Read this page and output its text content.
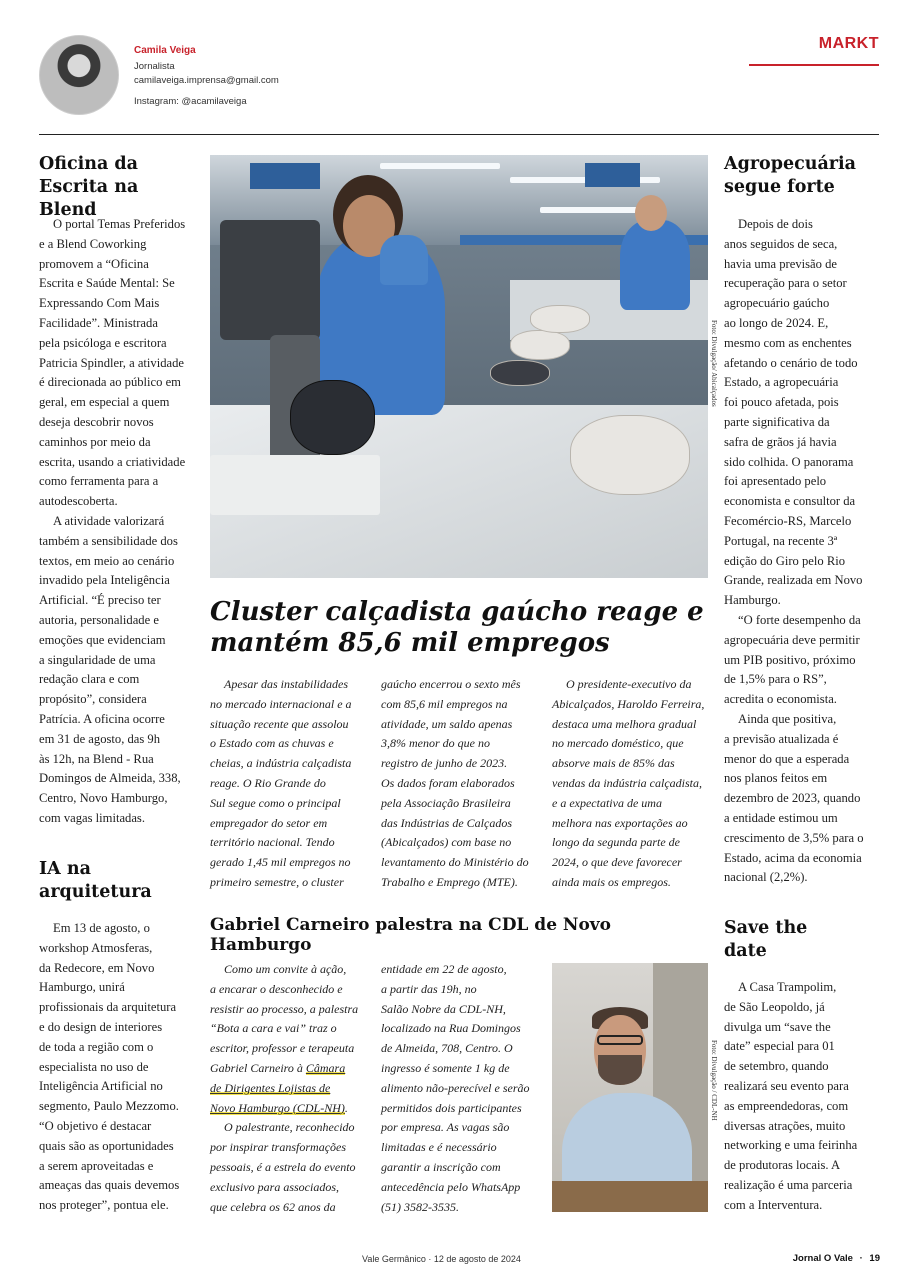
Camila Veiga
Jornalista
camilaveiga.imprensa@gmail.com
Instagram: @acamilaveiga
MARKT
Oficina da
Escrita na Blend
O portal Temas Preferidos
e a Blend Coworking
promovem a “Oficina
Escrita e Saúde Mental: Se
Expressando Com Mais
Facilidade”. Ministrada
pela psicóloga e escritora
Patricia Spindler, a atividade
é direcionada ao público em
geral, em especial a quem
deseja descobrir novos
caminhos por meio da
escrita, usando a criatividade
como ferramenta para a
autodescoberta.
A atividade valorizará
também a sensibilidade dos
textos, em meio ao cenário
invadido pela Inteligência
Artificial. “É preciso ter
autoria, personalidade e
emoções que evidenciam
a singularidade de uma
redação clara e com
propósito”, considera
Patrícia. A oficina ocorre
em 31 de agosto, das 9h
às 12h, na Blend - Rua
Domingos de Almeida, 338,
Centro, Novo Hamburgo,
com vagas limitadas.
IA na
arquitetura
Em 13 de agosto, o
workshop Atmosferas,
da Redecore, em Novo
Hamburgo, unirá
profissionais da arquitetura
e do design de interiores
de toda a região com o
especialista no uso de
Inteligência Artificial no
segmento, Paulo Mezzomo.
“O objetivo é destacar
quais são as oportunidades
a serem aproveitadas e
ameaças das quais devemos
nos proteger”, pontua ele.
Foto: Divulgação/ Abicalçados
Cluster calçadista gaúcho reage e
mantém 85,6 mil empregos
Apesar das instabilidades
no mercado internacional e a
situação recente que assolou
o Estado com as chuvas e
cheias, a indústria calçadista
reage. O Rio Grande do
Sul segue como o principal
empregador do setor em
território nacional. Tendo
gerado 1,45 mil empregos no
primeiro semestre, o cluster
gaúcho encerrou o sexto mês
com 85,6 mil empregos na
atividade, um saldo apenas
3,8% menor do que no
registro de junho de 2023.
Os dados foram elaborados
pela Associação Brasileira
das Indústrias de Calçados
(Abicalçados) com base no
levantamento do Ministério do
Trabalho e Emprego (MTE).
O presidente-executivo da
Abicalçados, Haroldo Ferreira,
destaca uma melhora gradual
no mercado doméstico, que
absorve mais de 85% das
vendas da indústria calçadista,
e a expectativa de uma
melhora nas exportações ao
longo da segunda parte de
2024, o que deve favorecer
ainda mais os empregos.
Gabriel Carneiro palestra na CDL de Novo Hamburgo
Como um convite à ação,
a encarar o desconhecido e
resistir ao processo, a palestra
“Bota a cara e vai” traz o
escritor, professor e terapeuta
Gabriel Carneiro à Câmara
de Dirigentes Lojistas de
Novo Hamburgo (CDL-NH).
O palestrante, reconhecido
por inspirar transformações
pessoais, é a estrela do evento
exclusivo para associados,
que celebra os 62 anos da
entidade em 22 de agosto,
a partir das 19h, no
Salão Nobre da CDL-NH,
localizado na Rua Domingos
de Almeida, 708, Centro. O
ingresso é somente 1 kg de
alimento não-perecível e serão
permitidos dois participantes
por empresa. As vagas são
limitadas e é necessário
garantir a inscrição com
antecedência pelo WhatsApp
(51) 3582-3535.
Foto: Divulgação / CDL-NH
Agropecuária
segue forte
Depois de dois
anos seguidos de seca,
havia uma previsão de
recuperação para o setor
agropecuário gaúcho
ao longo de 2024. E,
mesmo com as enchentes
afetando o cenário de todo
Estado, a agropecuária
foi pouco afetada, pois
parte significativa da
safra de grãos já havia
sido colhida. O panorama
foi apresentado pelo
economista e consultor da
Fecomércio-RS, Marcelo
Portugal, na recente 3ª
edição do Giro pelo Rio
Grande, realizada em Novo
Hamburgo.
“O forte desempenho da
agropecuária deve permitir
um PIB positivo, próximo
de 1,5% para o RS”,
acredita o economista.
Ainda que positiva,
a previsão atualizada é
menor do que a esperada
nos planos feitos em
dezembro de 2023, quando
a entidade estimou um
crescimento de 3,5% para o
Estado, acima da economia
nacional (2,2%).
Save the
date
A Casa Trampolim,
de São Leopoldo, já
divulga um “save the
date” especial para 01
de setembro, quando
realizará seu evento para
as empreendedoras, com
diversas atrações, muito
networking e uma feirinha
de produtoras locais. A
realização é uma parceria
com a Interventura.
Vale Germânico · 12 de agosto de 2024	Jornal O Vale · 19
